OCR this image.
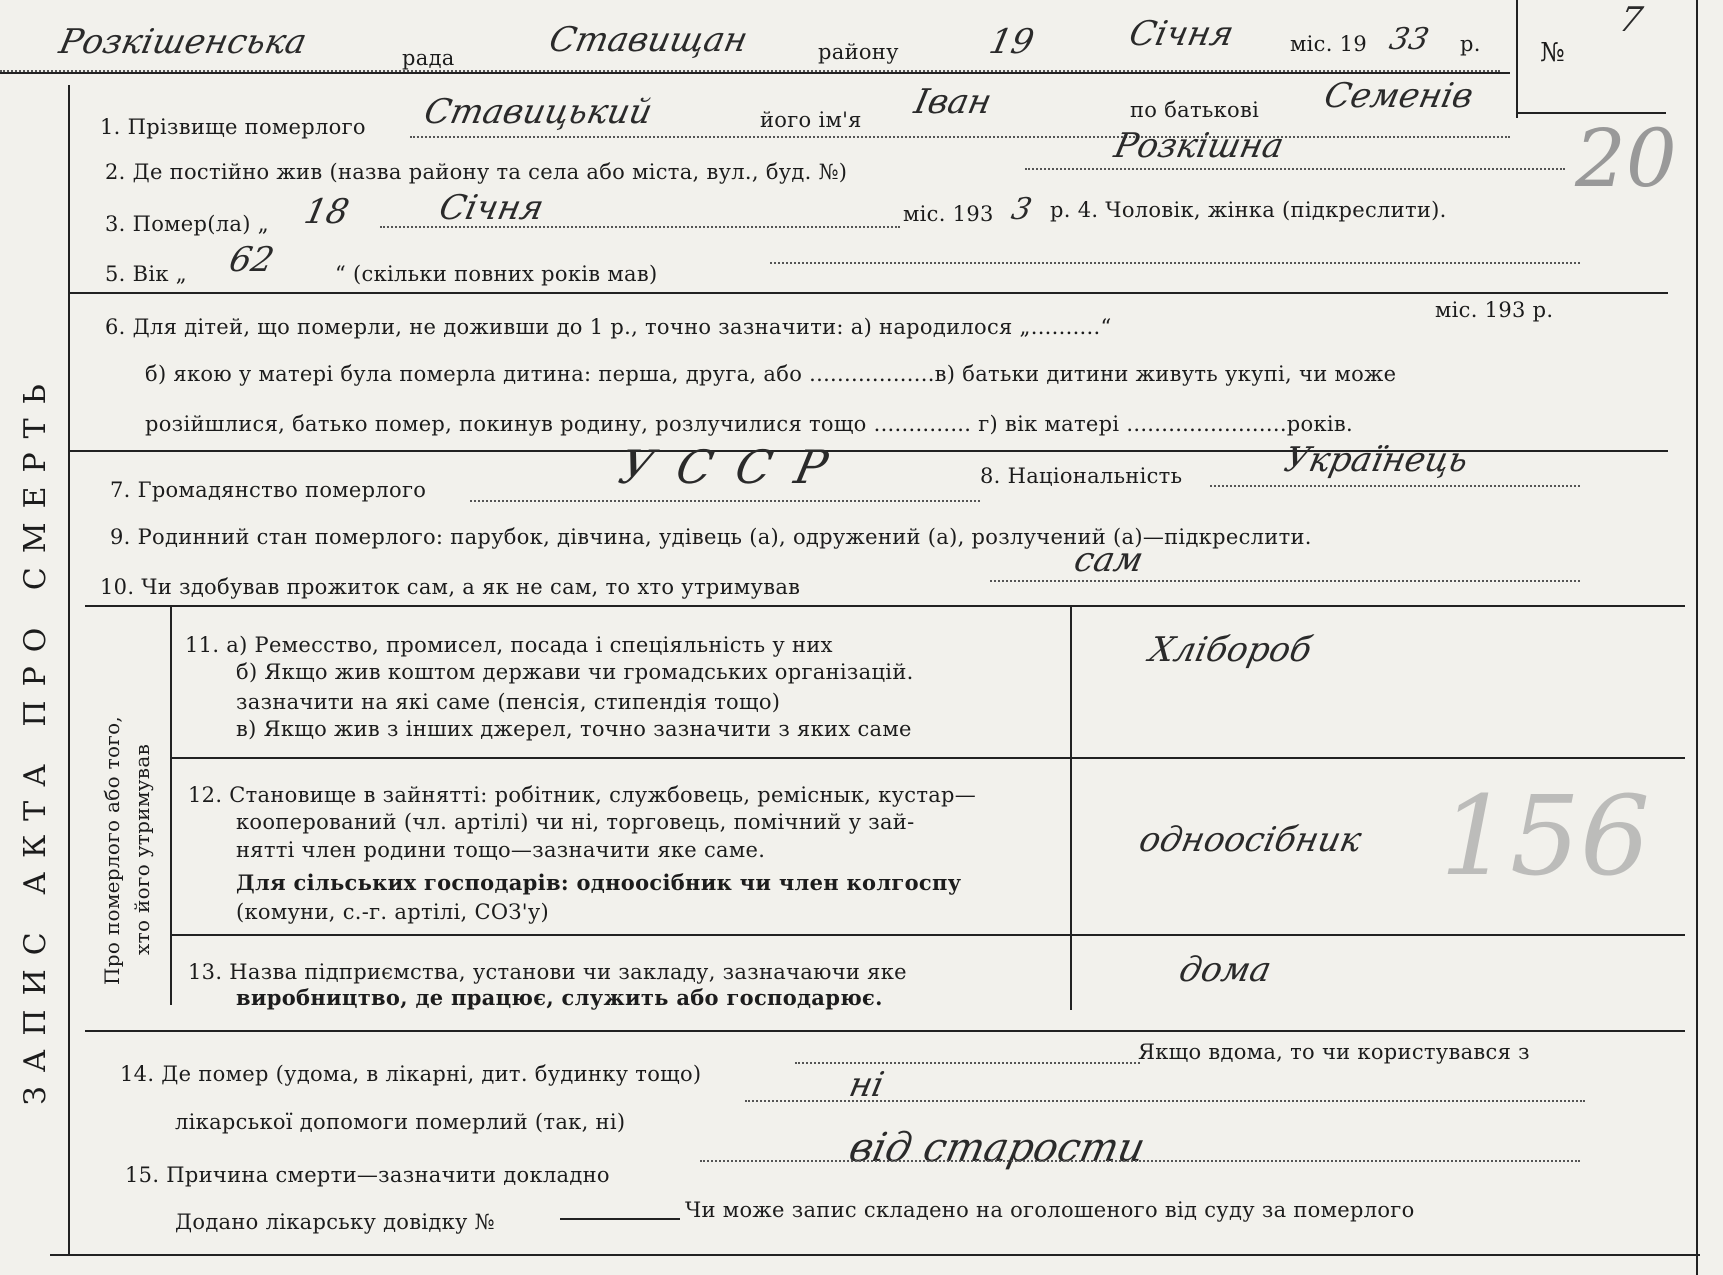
Розкішенська	рада	Ставищан	району	19	Січня	міс. 19 33 р. №
7
20
156
ЗАПИС АКТА ПРО СМЕРТЬ
1. Прізвище померлого Ставицький	його ім'я Іван	по батькові Семенів
2. Де постійно жив (назва району та села або міста, вул., буд. №)
Розкішна
3. Помер(ла) „ 18 Січня	міс. 193 3 р. 4. Чоловік, жінка (підкреслити).
5. Вік „ 62	“ (скільки повних років мав)
6. Для дітей, що померли, не доживши до 1 р., точно зазначити: а) народилося „..........“
міс. 193 р.
б) якою у матері була померла дитина: перша, друга, або ..................в) батьки дитини живуть укупі, чи може
розійшлися, батько помер, покинув родину, розлучилися тощо .............. г) вік матері .......................років.
7. Громадянство померлого	УССР	8. Національність	Українець
9. Родинний стан померлого: парубок, дівчина, удівець (а), одружений (а), розлучений (а)—підкреслити.
10. Чи здобував прожиток сам, а як не сам, то хто утримував
сам
Про померлого або того, хто його утримував
11. а) Ремесство, промисел, посада і спеціяльність у них
б) Якщо жив коштом держави чи громадських організацій.
зазначити на які саме (пенсія, стипендія тощо)
в) Якщо жив з інших джерел, точно зазначити з яких саме
Хлібороб
12. Становище в зайнятті: робітник, службовець, реміснык, кустар—
кооперований (чл. артілі) чи ні, торговець, помічний у зай-
нятті член родини тощо—зазначити яке саме.
Для сільських господарів: одноосібник чи член колгоспу
(комуни, с.-г. артілі, СОЗ'у)
одноосібник
13. Назва підприємства, установи чи закладу, зазначаючи яке
виробництво, де працює, служить або господарює.
дома
14. Де помер (удома, в лікарні, дит. будинку тощо)
Якщо вдома, то чи користувався з
лікарської допомоги померлий (так, ні)
ні
15. Причина смерти—зазначити докладно
від старости
Додано лікарську довідку №	Чи може запис складено на оголошеного від суду за померлого
